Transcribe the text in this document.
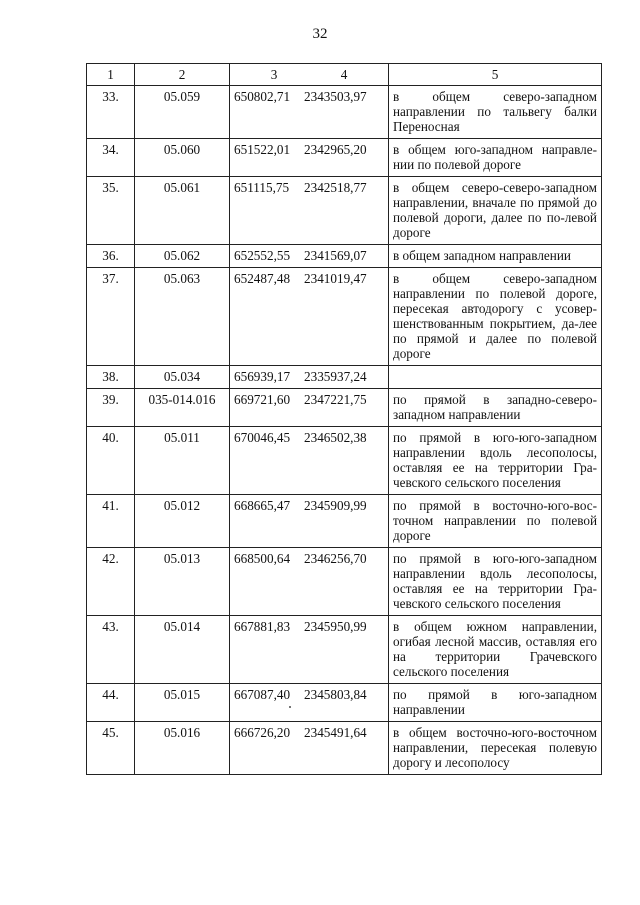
32
1	2	3 4	5
33.	05.059	650802,71 2343503,97	в общем северо-западном направлении по тальвегу балки Переносная
34.	05.060	651522,01 2342965,20	в общем юго-западном направле-нии по полевой дороге
35.	05.061	651115,75 2342518,77	в общем северо-северо-западном направлении, вначале по прямой до полевой дороги, далее по по-левой дороге
36.	05.062	652552,55 2341569,07	в общем западном направлении
37.	05.063	652487,48 2341019,47	в общем северо-западном направлении по полевой дороге, пересекая автодорогу с усовер-шенствованным покрытием, да-лее по прямой и далее по полевой дороге
38.	05.034	656939,17 2335937,24	
39.	035-014.016	669721,60 2347221,75	по прямой в западно-северо-западном направлении
40.	05.011	670046,45 2346502,38	по прямой в юго-юго-западном направлении вдоль лесополосы, оставляя ее на территории Гра-чевского сельского поселения
41.	05.012	668665,47 2345909,99	по прямой в восточно-юго-вос-точном направлении по полевой дороге
42.	05.013	668500,64 2346256,70	по прямой в юго-юго-западном направлении вдоль лесополосы, оставляя ее на территории Гра-чевского сельского поселения
43.	05.014	667881,83 2345950,99	в общем южном направлении, огибая лесной массив, оставляя его на территории Грачевского сельского поселения
44.	05.015	667087,40 2345803,84	по прямой в юго-западном направлении
45.	05.016	666726,20 2345491,64	в общем восточно-юго-восточном направлении, пересекая полевую дорогу и лесополосу
